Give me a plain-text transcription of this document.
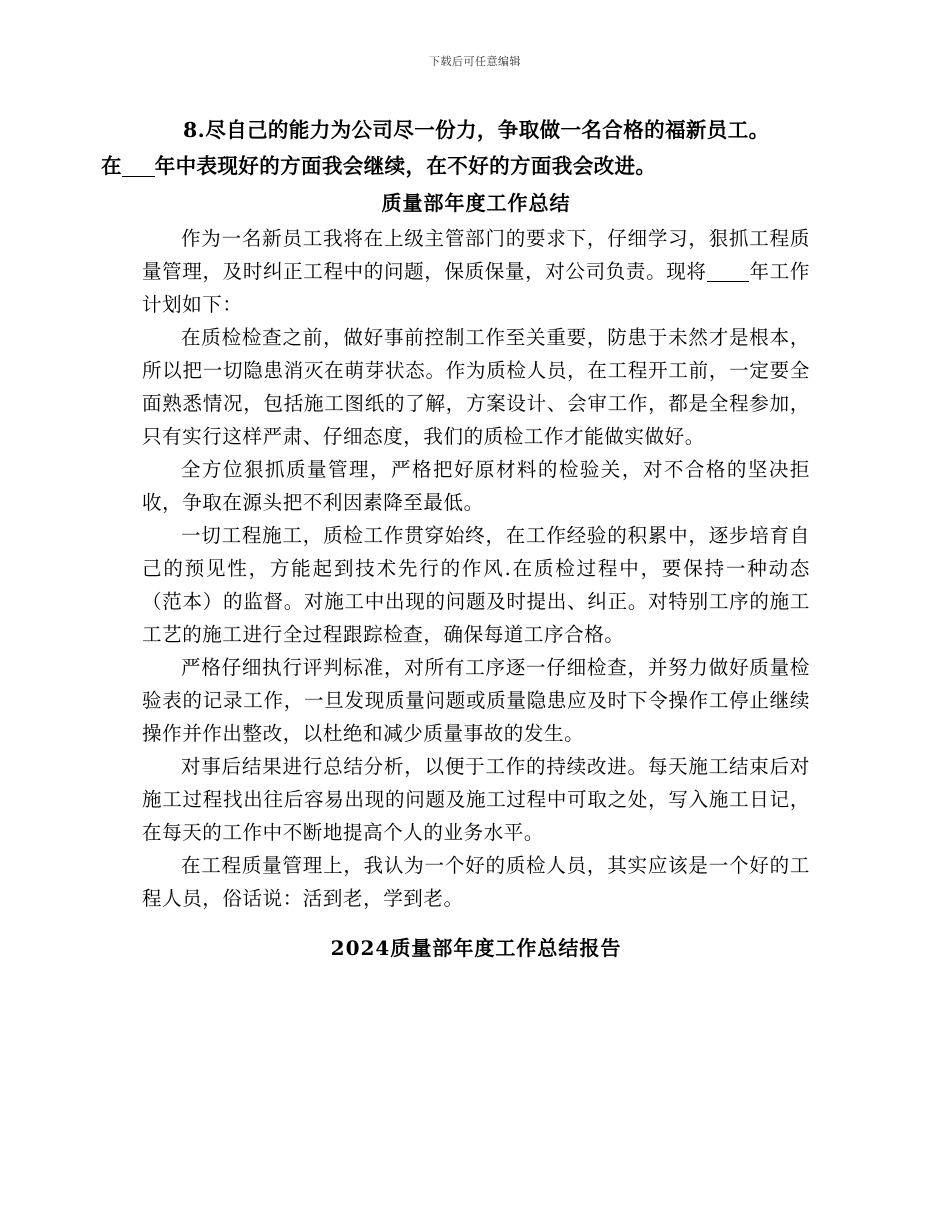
下载后可任意编辑

8.尽自己的能力为公司尽一份力，争取做一名合格的福新员工。
在 年中表现好的方面我会继续，在不好的方面我会改进。

质量部年度工作总结

作为一名新员工我将在上级主管部门的要求下，仔细学习，狠抓工程质量管理，及时纠正工程中的问题，保质保量，对公司负责。现将 年工作计划如下：

在质检检查之前，做好事前控制工作至关重要，防患于未然才是根本，所以把一切隐患消灭在萌芽状态。作为质检人员，在工程开工前，一定要全面熟悉情况，包括施工图纸的了解，方案设计、会审工作，都是全程参加，只有实行这样严肃、仔细态度，我们的质检工作才能做实做好。

全方位狠抓质量管理，严格把好原材料的检验关，对不合格的坚决拒收，争取在源头把不利因素降至最低。

一切工程施工，质检工作贯穿始终，在工作经验的积累中，逐步培育自己的预见性，方能起到技术先行的作风.在质检过程中，要保持一种动态（范本）的监督。对施工中出现的问题及时提出、纠正。对特别工序的施工工艺的施工进行全过程跟踪检查，确保每道工序合格。

严格仔细执行评判标准，对所有工序逐一仔细检查，并努力做好质量检验表的记录工作，一旦发现质量问题或质量隐患应及时下令操作工停止继续操作并作出整改，以杜绝和减少质量事故的发生。

对事后结果进行总结分析，以便于工作的持续改进。每天施工结束后对施工过程找出往后容易出现的问题及施工过程中可取之处，写入施工日记，在每天的工作中不断地提高个人的业务水平。

在工程质量管理上，我认为一个好的质检人员，其实应该是一个好的工程人员，俗话说：活到老，学到老。

2024质量部年度工作总结报告
